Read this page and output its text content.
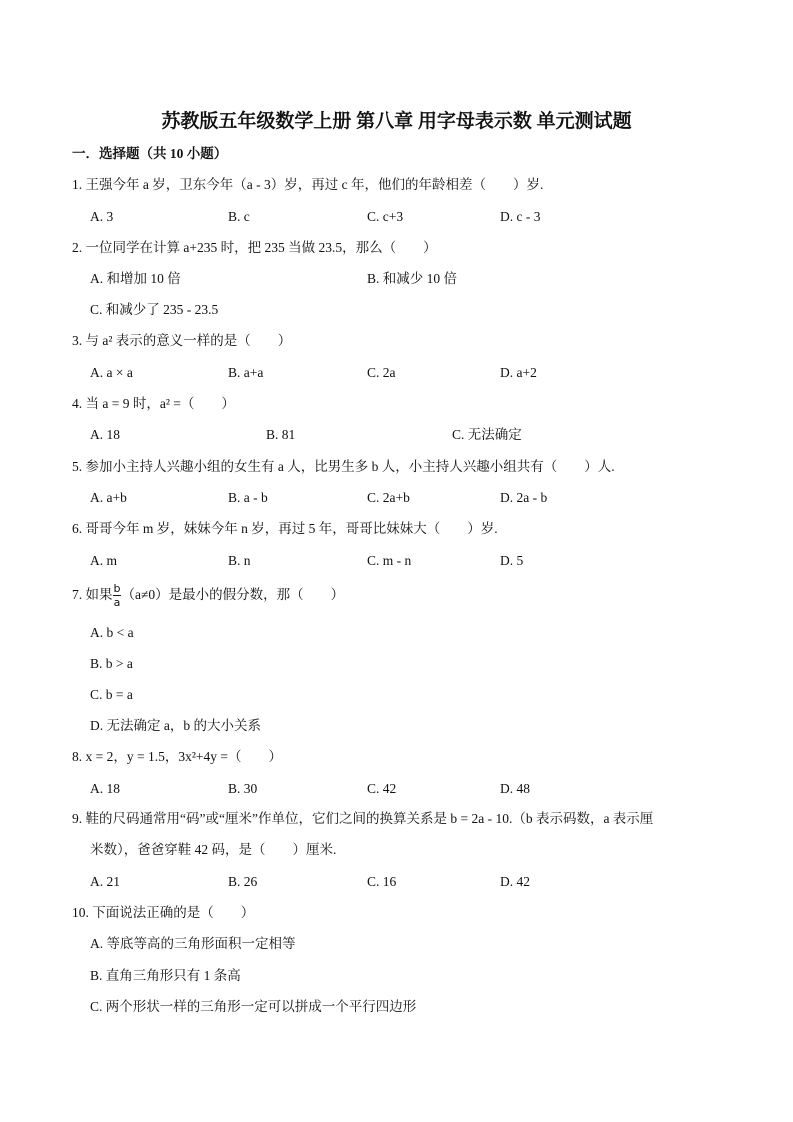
苏教版五年级数学上册 第八章 用字母表示数 单元测试题
一．选择题（共 10 小题）
1. 王强今年 a 岁，卫东今年（a - 3）岁，再过 c 年，他们的年龄相差（　　）岁.
A. 3	B. c	C. c+3	D. c - 3
2. 一位同学在计算 a+235 时，把 235 当做 23.5，那么（　　）
A. 和增加 10 倍	B. 和减少 10 倍
C. 和减少了 235 - 23.5
3. 与 a² 表示的意义一样的是（　　）
A. a × a	B. a+a	C. 2a	D. a+2
4. 当 a = 9 时，a² =（　　）
A. 18	B. 81	C. 无法确定
5. 参加小主持人兴趣小组的女生有 a 人，比男生多 b 人，小主持人兴趣小组共有（　　）人.
A. a+b	B. a - b	C. 2a+b	D. 2a - b
6. 哥哥今年 m 岁，妹妹今年 n 岁，再过 5 年，哥哥比妹妹大（　　）岁.
A. m	B. n	C. m - n	D. 5
7. 如果 $\frac{b}{a} (a\ne 0)$是最小的假分数，那（　　）
A. b < a
B. b > a
C. b = a
D. 无法确定 a，b 的大小关系
8. x = 2，y = 1.5，3x²+4y =（　　）
A. 18	B. 30	C. 42	D. 48
9. 鞋的尺码通常用“码”或“厘米”作单位，它们之间的换算关系是 b = 2a - 10.（b 表示码数，a 表示厘
米数），爸爸穿鞋 42 码，是（　　）厘米.
A. 21	B. 26	C. 16	D. 42
10. 下面说法正确的是（　　）
A. 等底等高的三角形面积一定相等
B. 直角三角形只有 1 条高
C. 两个形状一样的三角形一定可以拼成一个平行四边形
